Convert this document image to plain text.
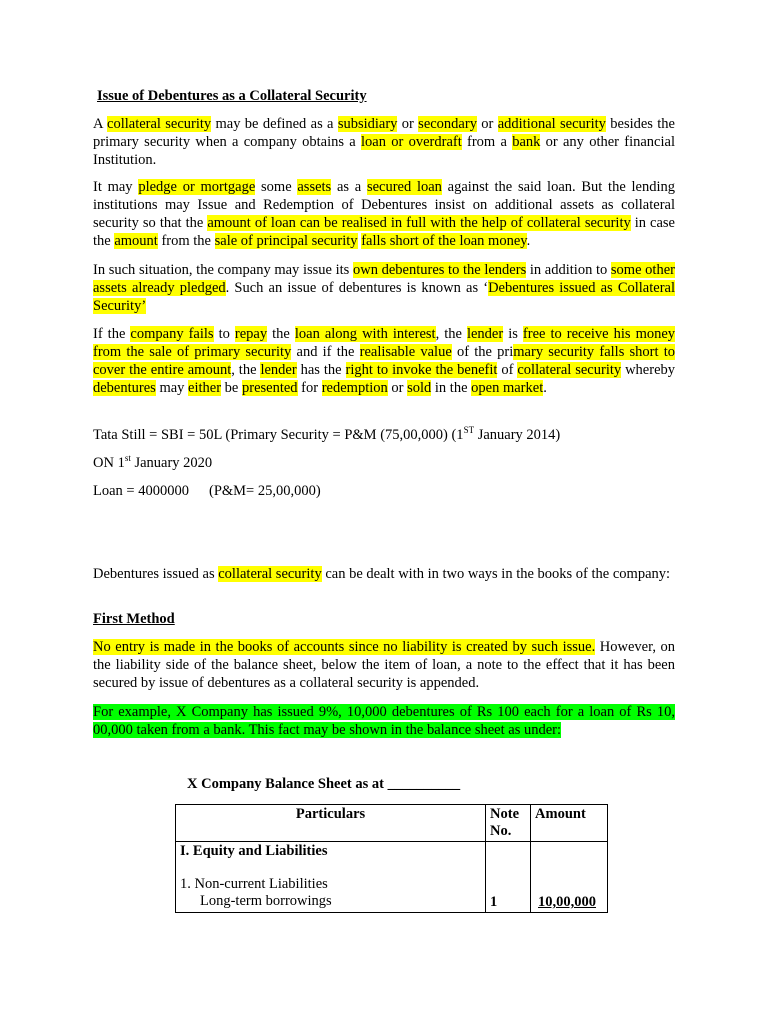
Issue of Debentures as a Collateral Security
A collateral security may be defined as a subsidiary or secondary or additional security besides the primary security when a company obtains a loan or overdraft from a bank or any other financial Institution.
It may pledge or mortgage some assets as a secured loan against the said loan. But the lending institutions may Issue and Redemption of Debentures insist on additional assets as collateral security so that the amount of loan can be realised in full with the help of collateral security in case the amount from the sale of principal security falls short of the loan money.
In such situation, the company may issue its own debentures to the lenders in addition to some other assets already pledged. Such an issue of debentures is known as ‘Debentures issued as Collateral Security’
If the company fails to repay the loan along with interest, the lender is free to receive his money from the sale of primary security and if the realisable value of the primary security falls short to cover the entire amount, the lender has the right to invoke the benefit of collateral security whereby debentures may either be presented for redemption or sold in the open market.
Tata Still = SBI = 50L (Primary Security = P&M (75,00,000) (1ST January 2014)
ON 1st January 2020
Loan = 4000000 (P&M= 25,00,000)
Debentures issued as collateral security can be dealt with in two ways in the books of the company:
First Method
No entry is made in the books of accounts since no liability is created by such issue. However, on the liability side of the balance sheet, below the item of loan, a note to the effect that it has been secured by issue of debentures as a collateral security is appended.
For example, X Company has issued 9%, 10,000 debentures of Rs 100 each for a loan of Rs 10, 00,000 taken from a bank. This fact may be shown in the balance sheet as under:
X Company Balance Sheet as at __________
Particulars	Note No.	Amount

I. Equity and Liabilities
1. Non-current Liabilities
Long-term borrowings	1	10,00,000
